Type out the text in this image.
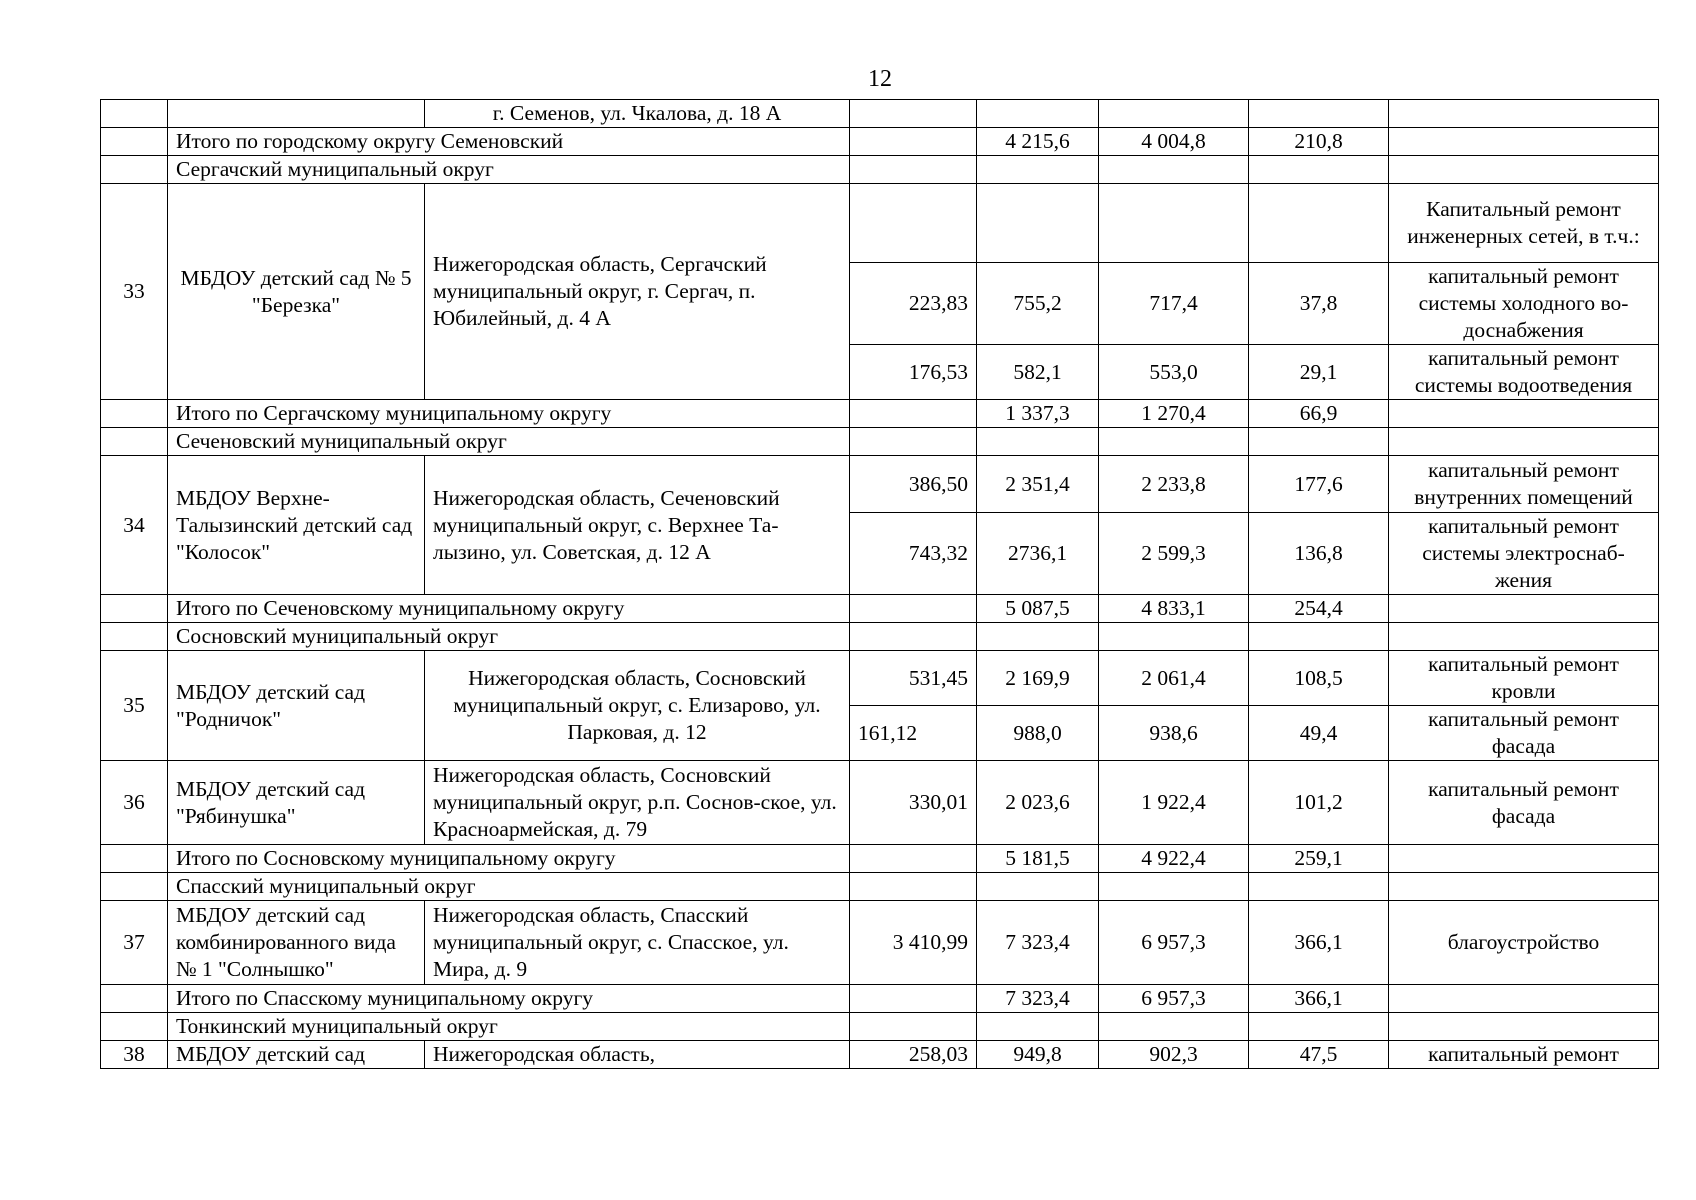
12
		г. Семенов, ул. Чкалова, д. 18 А					
	Итого по городскому округу Семеновский			4 215,6	4 004,8	210,8	
	Сергачский муниципальный округ						
33	МБДОУ детский сад № 5 "Березка"	Нижегородская область, Сергачский муниципальный округ, г. Сергач, п. Юбилейный, д. 4 А					Капитальный ремонт инженерных сетей, в т.ч.:
			223,83	755,2	717,4	37,8	капитальный ремонт системы холодного во-доснабжения
			176,53	582,1	553,0	29,1	капитальный ремонт системы водоотведения
	Итого по Сергачскому муниципальному округу			1 337,3	1 270,4	66,9	
	Сеченовский муниципальный округ						
34	МБДОУ Верхне-Талызинский детский сад "Колосок"	Нижегородская область, Сеченовский муниципальный округ, с. Верхнее Та-лызино, ул. Советская, д. 12 А	386,50	2 351,4	2 233,8	177,6	капитальный ремонт внутренних помещений
			743,32	2736,1	2 599,3	136,8	капитальный ремонт системы электроснаб-жения
	Итого по Сеченовскому муниципальному округу			5 087,5	4 833,1	254,4	
	Сосновский муниципальный округ						
35	МБДОУ детский сад "Родничок"	Нижегородская область, Сосновский муниципальный округ, с. Елизарово, ул. Парковая, д. 12	531,45	2 169,9	2 061,4	108,5	капитальный ремонт кровли
			161,12	988,0	938,6	49,4	капитальный ремонт фасада
36	МБДОУ детский сад "Рябинушка"	Нижегородская область, Сосновский муниципальный округ, р.п. Соснов-ское, ул. Красноармейская, д. 79	330,01	2 023,6	1 922,4	101,2	капитальный ремонт фасада
	Итого по Сосновскому муниципальному округу			5 181,5	4 922,4	259,1	
	Спасский муниципальный округ						
37	МБДОУ детский сад комбинированного вида № 1 "Солнышко"	Нижегородская область, Спасский муниципальный округ, с. Спасское, ул. Мира, д. 9	3 410,99	7 323,4	6 957,3	366,1	благоустройство
	Итого по Спасскому муниципальному округу			7 323,4	6 957,3	366,1	
	Тонкинский муниципальный округ						
38	МБДОУ детский сад	Нижегородская область,	258,03	949,8	902,3	47,5	капитальный ремонт
